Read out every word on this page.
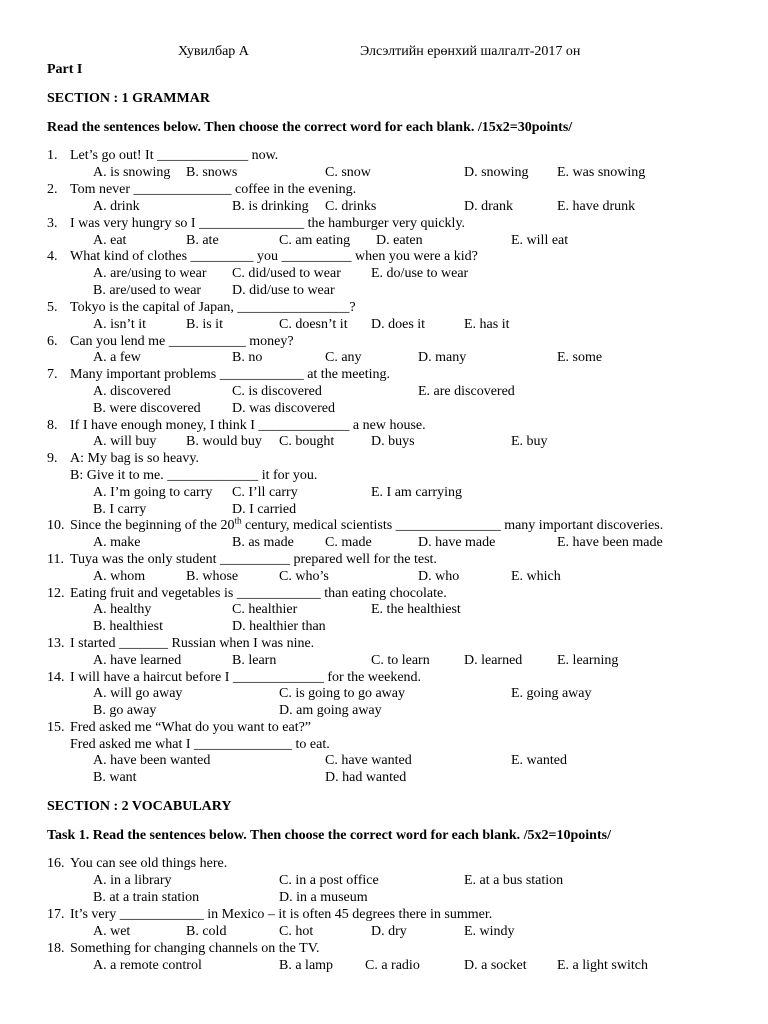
Хувилбар А	Элсэлтийн ерөнхий шалгалт-2017 он
Part I
SECTION : 1 GRAMMAR
Read the sentences below. Then choose the correct word for each blank. /15x2=30points/
SECTION : 2 VOCABULARY
Task 1. Read the sentences below. Then choose the correct word for each blank. /5x2=10points/
1. Let’s go out! It _____________ now.
A. is snowing B. snows	C. snow	D. snowing E. was snowing
2. Tom never ______________ coffee in the evening.
A. drink	B. is drinking C. drinks	D. drank	E. have drunk
3. I was very hungry so I _______________ the hamburger very quickly.
A. eat	B. ate	C. am eating D. eaten	E. will eat
4. What kind of clothes _________ you __________ when you were a kid?
A. are/using to wear C. did/used to wear E. do/use to wear
B. are/used to wear D. did/use to wear
5. Tokyo is the capital of Japan, ________________?
A. isn’t it	B. is it	C. doesn’t it D. does it	E. has it
6. Can you lend me ___________ money?
A. a few	B. no	C. any	D. many	E. some
7. Many important problems ____________ at the meeting.
A. discovered	C. is discovered	E. are discovered
B. were discovered D. was discovered
8. If I have enough money, I think I _____________ a new house.
A. will buy B. would buy C. bought	D. buys	E. buy
9. A: My bag is so heavy.
B: Give it to me. _____________ it for you.
A. I’m going to carry C. I’ll carry	E. I am carrying
B. I carry	D. I carried
10. Since the beginning of the 20th century, medical scientists _______________ many important discoveries.
A. make	B. as made C. made	D. have made	E. have been made
11. Tuya was the only student __________ prepared well for the test.
A. whom	B. whose	C. who’s	D. who	E. which
12. Eating fruit and vegetables is ____________ than eating chocolate.
A. healthy	C. healthier	E. the healthiest
B. healthiest	D. healthier than
13. I started _______ Russian when I was nine.
A. have learned	B. learn	C. to learn D. learned E. learning
14. I will have a haircut before I _____________ for the weekend.
A. will go away	C. is going to go away	E. going away
B. go away	D. am going away
15. Fred asked me “What do you want to eat?”
Fred asked me what I ______________ to eat.
A. have been wanted	C. have wanted	E. wanted
B. want	D. had wanted
16. You can see old things here.
A. in a library	C. in a post office	E. at a bus station
B. at a train station	D. in a museum
17. It’s very ____________ in Mexico – it is often 45 degrees there in summer.
A. wet	B. cold	C. hot	D. dry	E. windy
18. Something for changing channels on the TV.
A. a remote control	B. a lamp C. a radio	D. a socket E. a light switch
